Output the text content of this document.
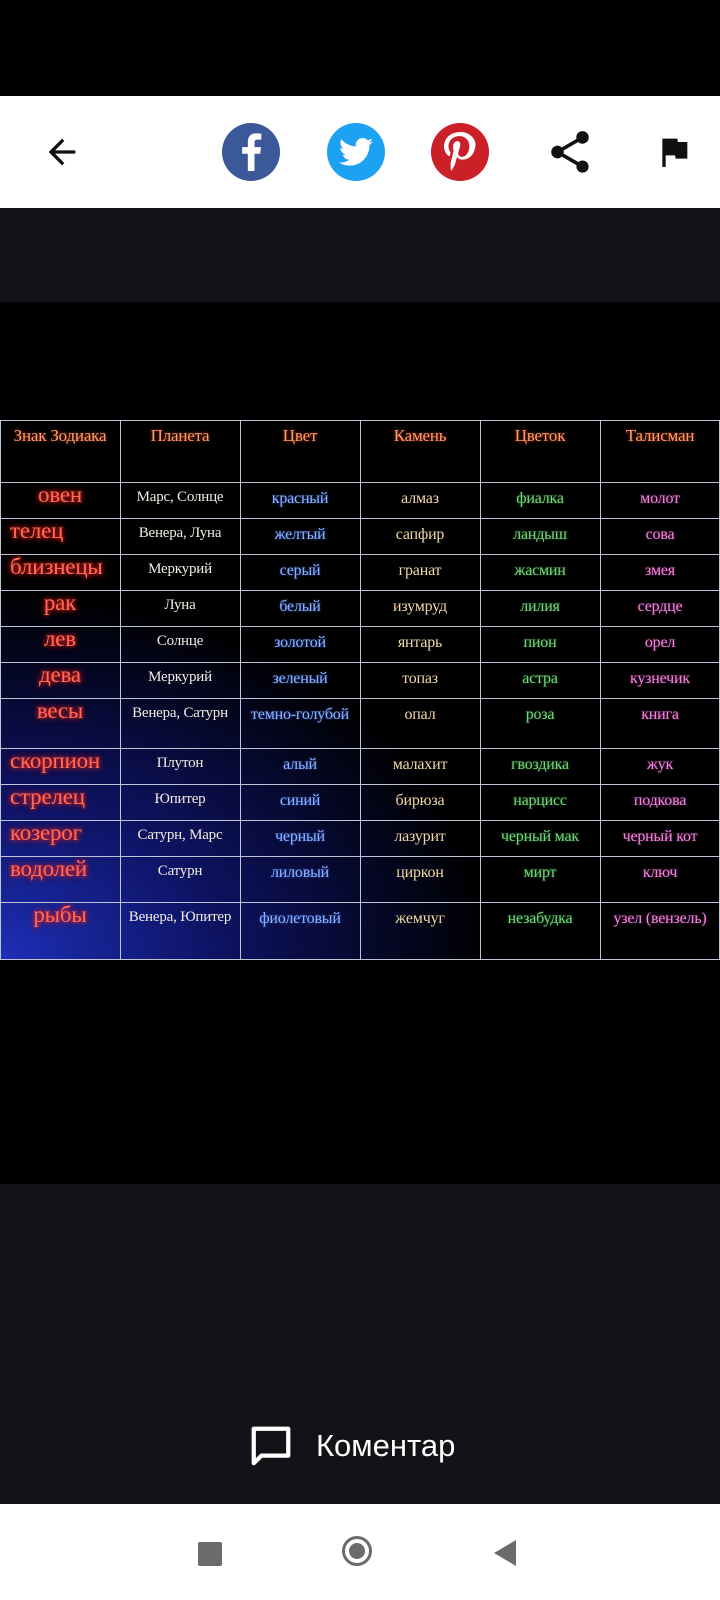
Знак Зодиака	Планета	Цвет	Камень	Цветок	Талисман
овен	Марс, Солнце	красный	алмаз	фиалка	молот
телец	Венера, Луна	желтый	сапфир	ландыш	сова
близнецы	Меркурий	серый	гранат	жасмин	змея
рак	Луна	белый	изумруд	лилия	сердце
лев	Солнце	золотой	янтарь	пион	орел
дева	Меркурий	зеленый	топаз	астра	кузнечик
весы	Венера, Сатурн	темно-голубой	опал	роза	книга
скорпион	Плутон	алый	малахит	гвоздика	жук
стрелец	Юпитер	синий	бирюза	нарцисс	подкова
козерог	Сатурн, Марс	черный	лазурит	черный мак	черный кот
водолей	Сатурн	лиловый	циркон	мирт	ключ
рыбы	Венера, Юпитер	фиолетовый	жемчуг	незабудка	узел (вензель)
Коментар
